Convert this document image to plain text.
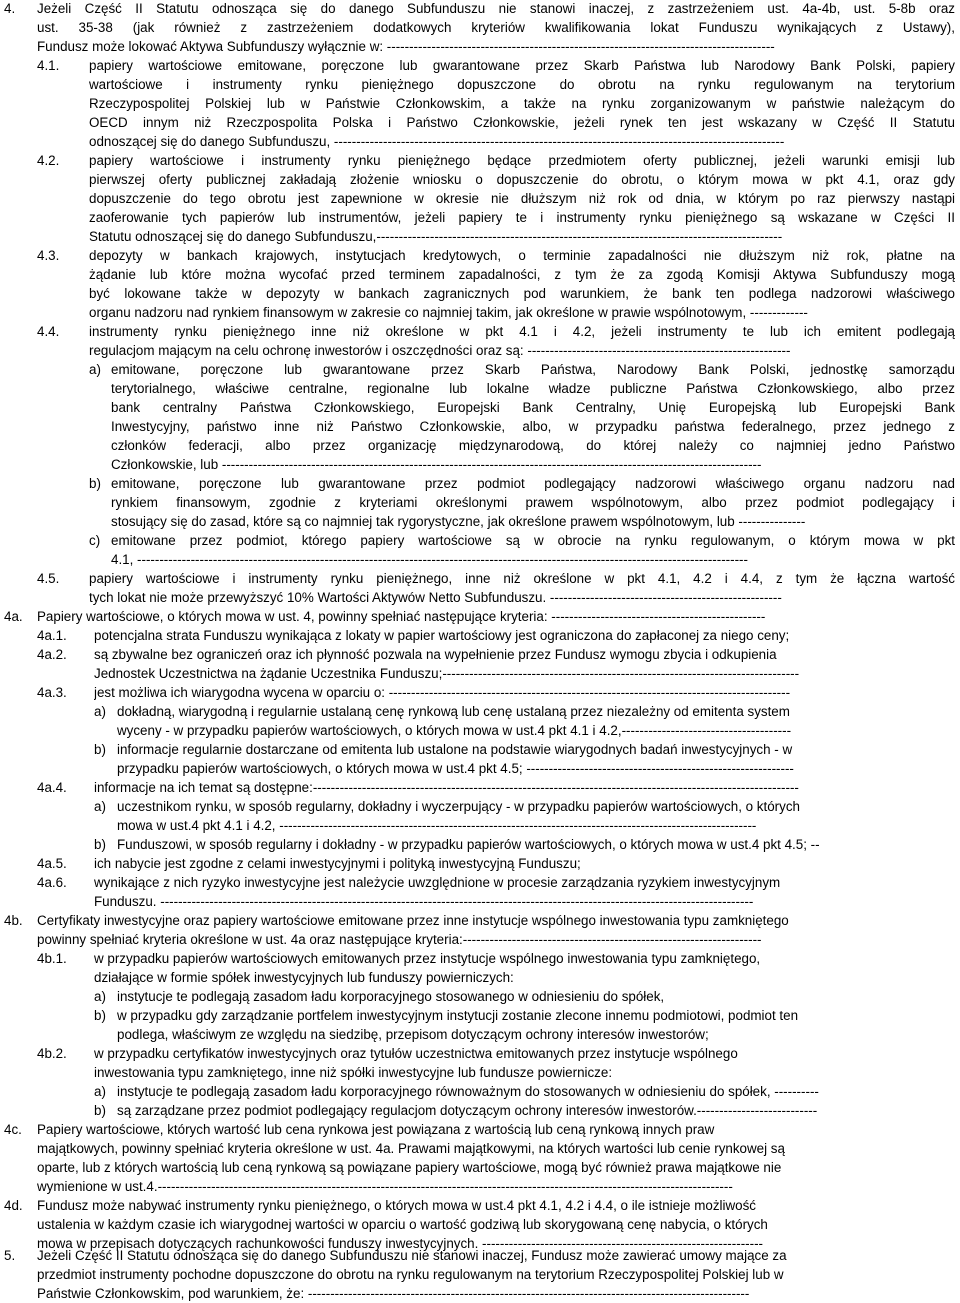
4. Jeżeli Część II Statutu odnosząca się do danego Subfunduszu nie stanowi inaczej, z zastrzeżeniem ust. 4a-4b, ust. 5-8b oraz
ust. 35-38 (jak również z zastrzeżeniem dodatkowych kryteriów kwalifikowania lokat Funduszu wynikających z Ustawy),
Fundusz może lokować Aktywa Subfunduszy wyłącznie w: ---------------------------------------------------------------------------------------
4.1. papiery wartościowe emitowane, poręczone lub gwarantowane przez Skarb Państwa lub Narodowy Bank Polski, papiery
wartościowe i instrumenty rynku pieniężnego dopuszczone do obrotu na rynku regulowanym na terytorium
Rzeczypospolitej Polskiej lub w Państwie Członkowskim, a także na rynku zorganizowanym w państwie należącym do
OECD innym niż Rzeczpospolita Polska i Państwo Członkowskie, jeżeli rynek ten jest wskazany w Część II Statutu
odnoszącej się do danego Subfunduszu, -----------------------------------------------------------------------------------------------------
4.2. papiery wartościowe i instrumenty rynku pieniężnego będące przedmiotem oferty publicznej, jeżeli warunki emisji lub
pierwszej oferty publicznej zakładają złożenie wniosku o dopuszczenie do obrotu, o którym mowa w pkt 4.1, oraz gdy
dopuszczenie do tego obrotu jest zapewnione w okresie nie dłuższym niż rok od dnia, w którym po raz pierwszy nastąpi
zaoferowanie tych papierów lub instrumentów, jeżeli papiery te i instrumenty rynku pieniężnego są wskazane w Części II
Statutu odnoszącej się do danego Subfunduszu,-------------------------------------------------------------------------------------------
4.3. depozyty w bankach krajowych, instytucjach kredytowych, o terminie zapadalności nie dłuższym niż rok, płatne na
żądanie lub które można wycofać przed terminem zapadalności, z tym że za zgodą Komisji Aktywa Subfunduszy mogą
być lokowane także w depozyty w bankach zagranicznych pod warunkiem, że bank ten podlega nadzorowi właściwego
organu nadzoru nad rynkiem finansowym w zakresie co najmniej takim, jak określone w prawie wspólnotowym, -------------
4.4. instrumenty rynku pieniężnego inne niż określone w pkt 4.1 i 4.2, jeżeli instrumenty te lub ich emitent podlegają
regulacjom mającym na celu ochronę inwestorów i oszczędności oraz są: -----------------------------------------------------------
a) emitowane, poręczone lub gwarantowane przez Skarb Państwa, Narodowy Bank Polski, jednostkę samorządu
terytorialnego, właściwe centralne, regionalne lub lokalne władze publiczne Państwa Członkowskiego, albo przez
bank centralny Państwa Członkowskiego, Europejski Bank Centralny, Unię Europejską lub Europejski Bank
Inwestycyjny, państwo inne niż Państwo Członkowskie, albo, w przypadku państwa federalnego, przez jednego z
członków federacji, albo przez organizację międzynarodową, do której należy co najmniej jedno Państwo
Członkowskie, lub -------------------------------------------------------------------------------------------------------------------------
b) emitowane, poręczone lub gwarantowane przez podmiot podlegający nadzorowi właściwego organu nadzoru nad
rynkiem finansowym, zgodnie z kryteriami określonymi prawem wspólnotowym, albo przez podmiot podlegający i
stosujący się do zasad, które są co najmniej tak rygorystyczne, jak określone prawem wspólnotowym, lub ---------------
c) emitowane przez podmiot, którego papiery wartościowe są w obrocie na rynku regulowanym, o którym mowa w pkt
4.1, -----------------------------------------------------------------------------------------------------------------------------------------
4.5. papiery wartościowe i instrumenty rynku pieniężnego, inne niż określone w pkt 4.1, 4.2 i 4.4, z tym że łączna wartość
tych lokat nie może przewyższyć 10% Wartości Aktywów Netto Subfunduszu. ----------------------------------------------------
4a. Papiery wartościowe, o których mowa w ust. 4, powinny spełniać następujące kryteria: ------------------------------------------------
4a.1. potencjalna strata Funduszu wynikająca z lokaty w papier wartościowy jest ograniczona do zapłaconej za niego ceny;
4a.2. są zbywalne bez ograniczeń oraz ich płynność pozwala na wypełnienie przez Fundusz wymogu zbycia i odkupienia
Jednostek Uczestnictwa na żądanie Uczestnika Funduszu;--------------------------------------------------------------------------------
4a.3. jest możliwa ich wiarygodna wycena w oparciu o: ------------------------------------------------------------------------------------------
a) dokładną, wiarygodną i regularnie ustalaną cenę rynkową lub cenę ustalaną przez niezależny od emitenta system
wyceny - w przypadku papierów wartościowych, o których mowa w ust.4 pkt 4.1 i 4.2,--------------------------------------
b) informacje regularnie dostarczane od emitenta lub ustalone na podstawie wiarygodnych badań inwestycyjnych - w
przypadku papierów wartościowych, o których mowa w ust.4 pkt 4.5; ------------------------------------------------------------
4a.4. informacje na ich temat są dostępne:-------------------------------------------------------------------------------------------------------------
a) uczestnikom rynku, w sposób regularny, dokładny i wyczerpujący - w przypadku papierów wartościowych, o których
mowa w ust.4 pkt 4.1 i 4.2, -----------------------------------------------------------------------------------------------------------
b) Funduszowi, w sposób regularny i dokładny - w przypadku papierów wartościowych, o których mowa w ust.4 pkt 4.5; --
4a.5. ich nabycie jest zgodne z celami inwestycyjnymi i polityką inwestycyjną Funduszu;
4a.6. wynikające z nich ryzyko inwestycyjne jest należycie uwzględnione w procesie zarządzania ryzykiem inwestycyjnym
Funduszu. -------------------------------------------------------------------------------------------------------------------------------------
4b. Certyfikaty inwestycyjne oraz papiery wartościowe emitowane przez inne instytucje wspólnego inwestowania typu zamkniętego
powinny spełniać kryteria określone w ust. 4a oraz następujące kryteria:-------------------------------------------------------------------
4b.1. w przypadku papierów wartościowych emitowanych przez instytucje wspólnego inwestowania typu zamkniętego,
działające w formie spółek inwestycyjnych lub funduszy powierniczych:
a) instytucje te podlegają zasadom ładu korporacyjnego stosowanego w odniesieniu do spółek,
b) w przypadku gdy zarządzanie portfelem inwestycyjnym instytucji zostanie zlecone innemu podmiotowi, podmiot ten
podlega, właściwym ze względu na siedzibę, przepisom dotyczącym ochrony interesów inwestorów;
4b.2. w przypadku certyfikatów inwestycyjnych oraz tytułów uczestnictwa emitowanych przez instytucje wspólnego
inwestowania typu zamkniętego, inne niż spółki inwestycyjne lub fundusze powiernicze:
a) instytucje te podlegają zasadom ładu korporacyjnego równoważnym do stosowanych w odniesieniu do spółek, ----------
b) są zarządzane przez podmiot podlegający regulacjom dotyczącym ochrony interesów inwestorów.---------------------------
4c. Papiery wartościowe, których wartość lub cena rynkowa jest powiązana z wartością lub ceną rynkową innych praw
majątkowych, powinny spełniać kryteria określone w ust. 4a. Prawami majątkowymi, na których wartości lub cenie rynkowej są
oparte, lub z których wartością lub ceną rynkową są powiązane papiery wartościowe, mogą być również prawa majątkowe nie
wymienione w ust.4.---------------------------------------------------------------------------------------------------------------------------------
4d. Fundusz może nabywać instrumenty rynku pieniężnego, o których mowa w ust.4 pkt 4.1, 4.2 i 4.4, o ile istnieje możliwość
ustalenia w każdym czasie ich wiarygodnej wartości w oparciu o wartość godziwą lub skorygowaną cenę nabycia, o których
mowa w przepisach dotyczących rachunkowości funduszy inwestycyjnych. ---------------------------------------------------------------
5. Jeżeli Część II Statutu odnosząca się do danego Subfunduszu nie stanowi inaczej, Fundusz może zawierać umowy mające za
przedmiot instrumenty pochodne dopuszczone do obrotu na rynku regulowanym na terytorium Rzeczypospolitej Polskiej lub w
Państwie Członkowskim, pod warunkiem, że: ---------------------------------------------------------------------------------------------------
